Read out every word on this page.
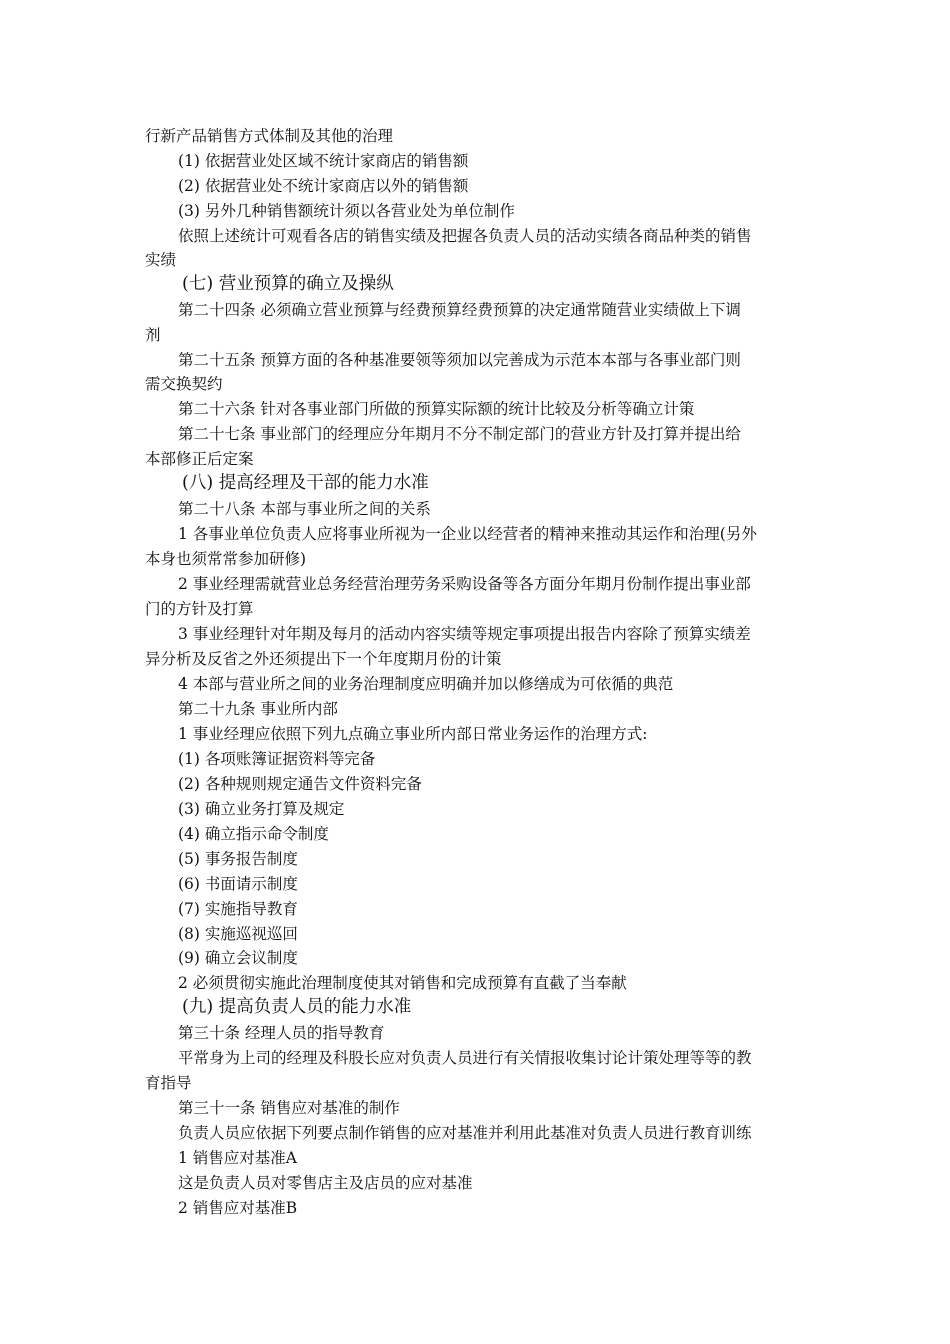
行新产品销售方式体制及其他的治理
(1) 依据营业处区域不统计家商店的销售额
(2) 依据营业处不统计家商店以外的销售额
(3) 另外几种销售额统计须以各营业处为单位制作
依照上述统计可观看各店的销售实绩及把握各负责人员的活动实绩各商品种类的销售
实绩
(七) 营业预算的确立及操纵
第二十四条 必须确立营业预算与经费预算经费预算的决定通常随营业实绩做上下调
剂
第二十五条 预算方面的各种基准要领等须加以完善成为示范本本部与各事业部门则
需交换契约
第二十六条 针对各事业部门所做的预算实际额的统计比较及分析等确立计策
第二十七条 事业部门的经理应分年期月不分不制定部门的营业方针及打算并提出给
本部修正后定案
(八) 提高经理及干部的能力水准
第二十八条 本部与事业所之间的关系
1 各事业单位负责人应将事业所视为一企业以经营者的精神来推动其运作和治理(另外
本身也须常常参加研修)
2 事业经理需就营业总务经营治理劳务采购设备等各方面分年期月份制作提出事业部
门的方针及打算
3 事业经理针对年期及每月的活动内容实绩等规定事项提出报告内容除了预算实绩差
异分析及反省之外还须提出下一个年度期月份的计策
4 本部与营业所之间的业务治理制度应明确并加以修缮成为可依循的典范
第二十九条 事业所内部
1 事业经理应依照下列九点确立事业所内部日常业务运作的治理方式:
(1) 各项账簿证据资料等完备
(2) 各种规则规定通告文件资料完备
(3) 确立业务打算及规定
(4) 确立指示命令制度
(5) 事务报告制度
(6) 书面请示制度
(7) 实施指导教育
(8) 实施巡视巡回
(9) 确立会议制度
2 必须贯彻实施此治理制度使其对销售和完成预算有直截了当奉献
(九) 提高负责人员的能力水准
第三十条 经理人员的指导教育
平常身为上司的经理及科股长应对负责人员进行有关情报收集讨论计策处理等等的教
育指导
第三十一条 销售应对基准的制作
负责人员应依据下列要点制作销售的应对基准并利用此基准对负责人员进行教育训练
1 销售应对基准A
这是负责人员对零售店主及店员的应对基准
2 销售应对基准B
